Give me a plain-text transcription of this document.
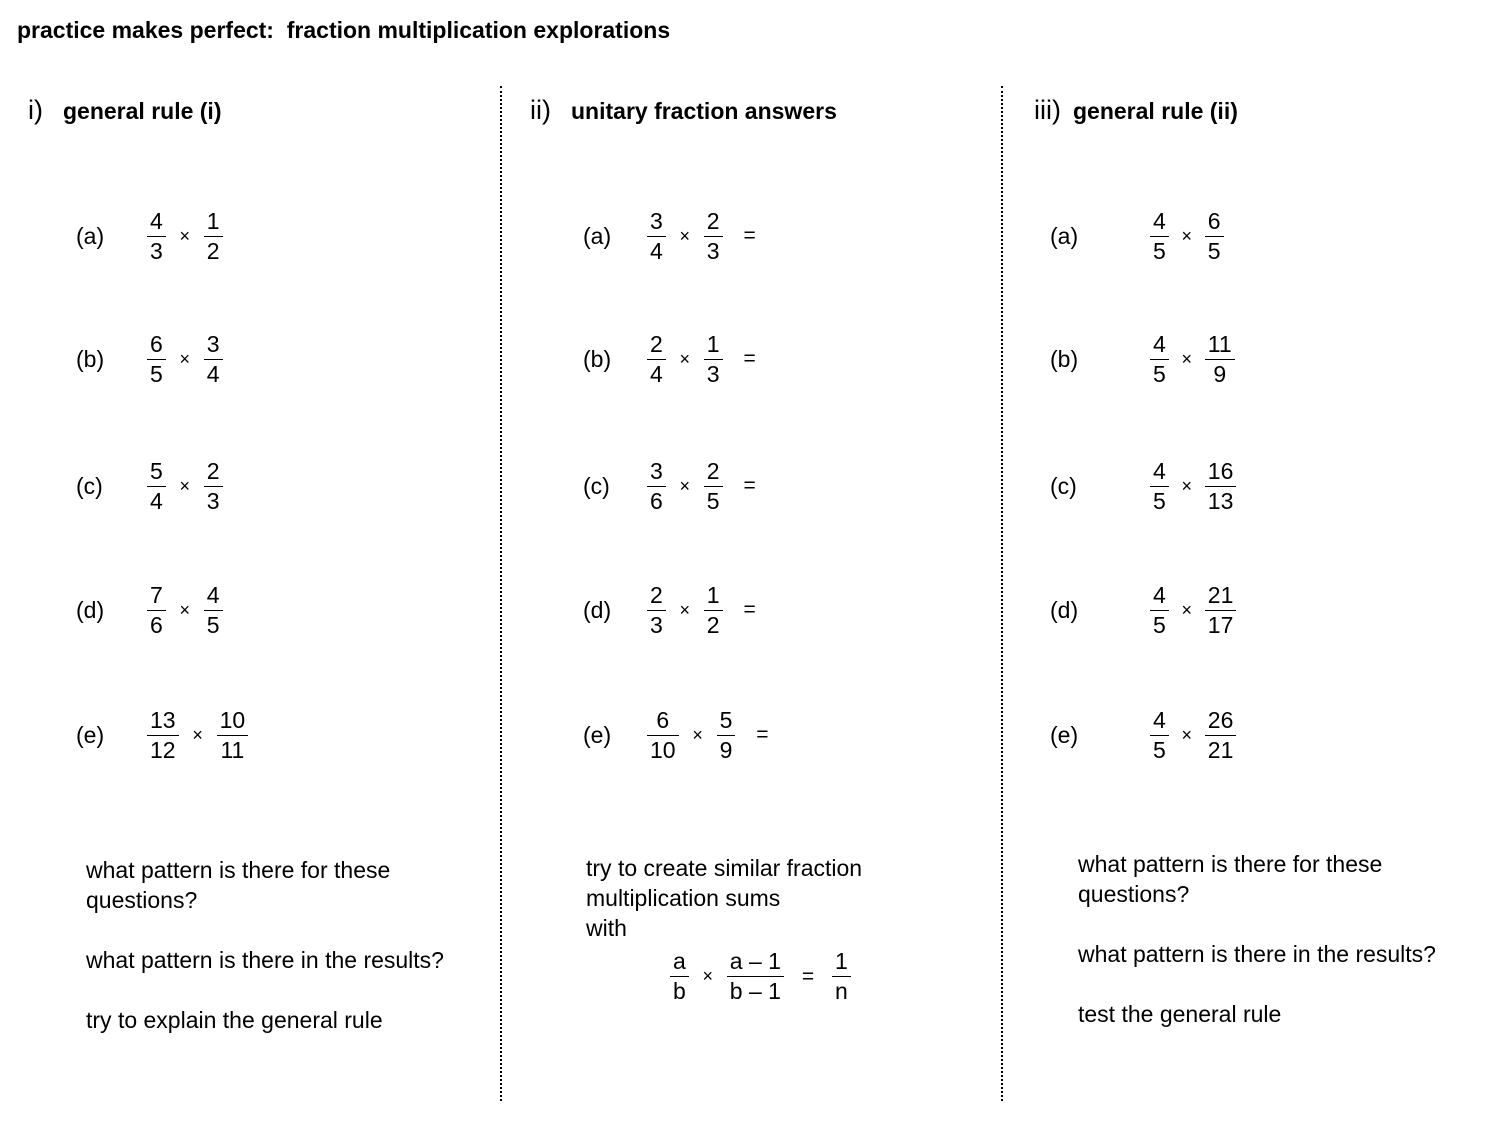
practice makes perfect:  fraction multiplication explorations
i) general rule (i)	ii) unitary fraction answers	iii) general rule (ii)
(a)	$\frac{4}{3} \times \frac{1}{2}$
(b)	$\frac{6}{5} \times \frac{3}{4}$
(c)	$\frac{5}{4} \times \frac{2}{3}$
(d)	$\frac{7}{6} \times \frac{4}{5}$
(e)	$\frac{13}{12} \times \frac{10}{11}$
(a)	$\frac{3}{4} \times \frac{2}{3}$ =
(b)	$\frac{2}{4} \times \frac{1}{3}$ =
(c)	$\frac{3}{6} \times \frac{2}{5}$ =
(d)	$\frac{2}{3} \times \frac{1}{2}$ =
(e)	$\frac{6}{10} \times \frac{5}{9}$ =
(a)	$\frac{4}{5} \times \frac{6}{5}$
(b)	$\frac{4}{5} \times \frac{11}{9}$
(c)	$\frac{4}{5} \times \frac{16}{13}$
(d)	$\frac{4}{5} \times \frac{21}{17}$
(e)	$\frac{4}{5} \times \frac{26}{21}$

what pattern is there for these questions?

what pattern is there in the results?

try to explain the general rule

try to create similar fraction

multiplication sums

with

$\frac{a}{b} \times \frac{a - 1}{b - 1} = \frac{1}{n}$

what pattern is there for these questions?

what pattern is there in the results?

test the general rule
